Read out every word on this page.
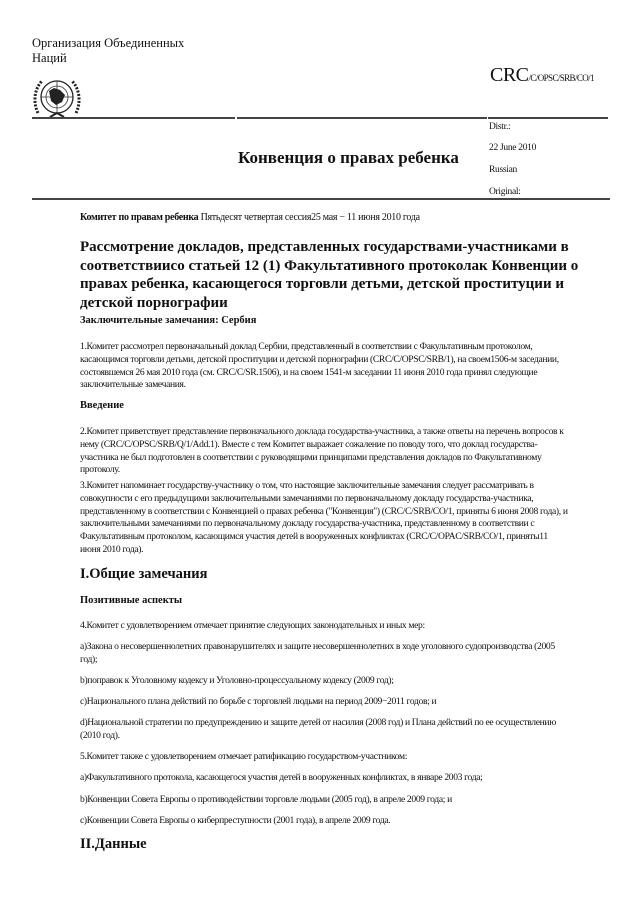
Организация Объединенных
Наций
CRC/C/OPSC/SRB/CO/1
Конвенция о правах ребенка
Distr.:
22 June 2010
Russian
Original:
Комитет по правам ребенка Пятьдесят четвертая сессия25 мая − 11 июня 2010 года
Рассмотрение докладов, представленных государствами-участниками в соответствиисо статьей 12 (1) Факультативного протоколак Конвенции о правах ребенка, касающегося торговли детьми, детской проституции и детской порнографии
Заключительные замечания: Сербия
1.Комитет рассмотрел первоначальный доклад Сербии, представленный в соответствии с Факультативным протоколом, касающимся торговли детьми, детской проституции и детской порнографии (CRC/C/OPSC/SRB/1), на своем1506-м заседании, состоявшемся 26 мая 2010 года (см. CRC/C/SR.1506), и на своем 1541-м заседании 11 июня 2010 года принял следующие заключительные замечания.
Введение
2.Комитет приветствует представление первоначального доклада государства-участника, а также ответы на перечень вопросов к нему (CRC/C/OPSC/SRB/Q/1/Add.1). Вместе с тем Комитет выражает сожаление по поводу того, что доклад государства-участника не был подготовлен в соответствии с руководящими принципами представления докладов по Факультативному протоколу.
3.Комитет напоминает государству-участнику о том, что настоящие заключительные замечания следует рассматривать в совокупности с его предыдущими заключительными замечаниями по первоначальному докладу государства-участника, представленному в соответствии с Конвенцией о правах ребенка ("Конвенция") (CRC/C/SRB/CO/1, приняты 6 июня 2008 года), и заключительными замечаниями по первоначальному докладу государства-участника, представленному в соответствии с Факультативным протоколом, касающимся участия детей в вооруженных конфликтах (CRC/C/OPAC/SRB/CO/1, приняты11 июня 2010 года).
I.Общие замечания
Позитивные аспекты
4.Комитет с удовлетворением отмечает принятие следующих законодательных и иных мер:
а)Закона о несовершеннолетних правонарушителях и защите несовершеннолетних в ходе уголовного судопроизводства (2005 год);
b)поправок к Уголовному кодексу и Уголовно-процессуальному кодексу (2009 год);
c)Национального плана действий по борьбе с торговлей людьми на период 2009−2011 годов; и
d)Национальной стратегии по предупреждению и защите детей от насилия (2008 год) и Плана действий по ее осуществлению (2010 год).
5.Комитет также с удовлетворением отмечает ратификацию государством-участником:
a)Факультативного протокола, касающегося участия детей в вооруженных конфликтах, в январе 2003 года;
b)Конвенции Совета Европы о противодействии торговле людьми (2005 год), в апреле 2009 года; и
c)Конвенции Совета Европы о киберпреступности (2001 года), в апреле 2009 года.
II.Данные
